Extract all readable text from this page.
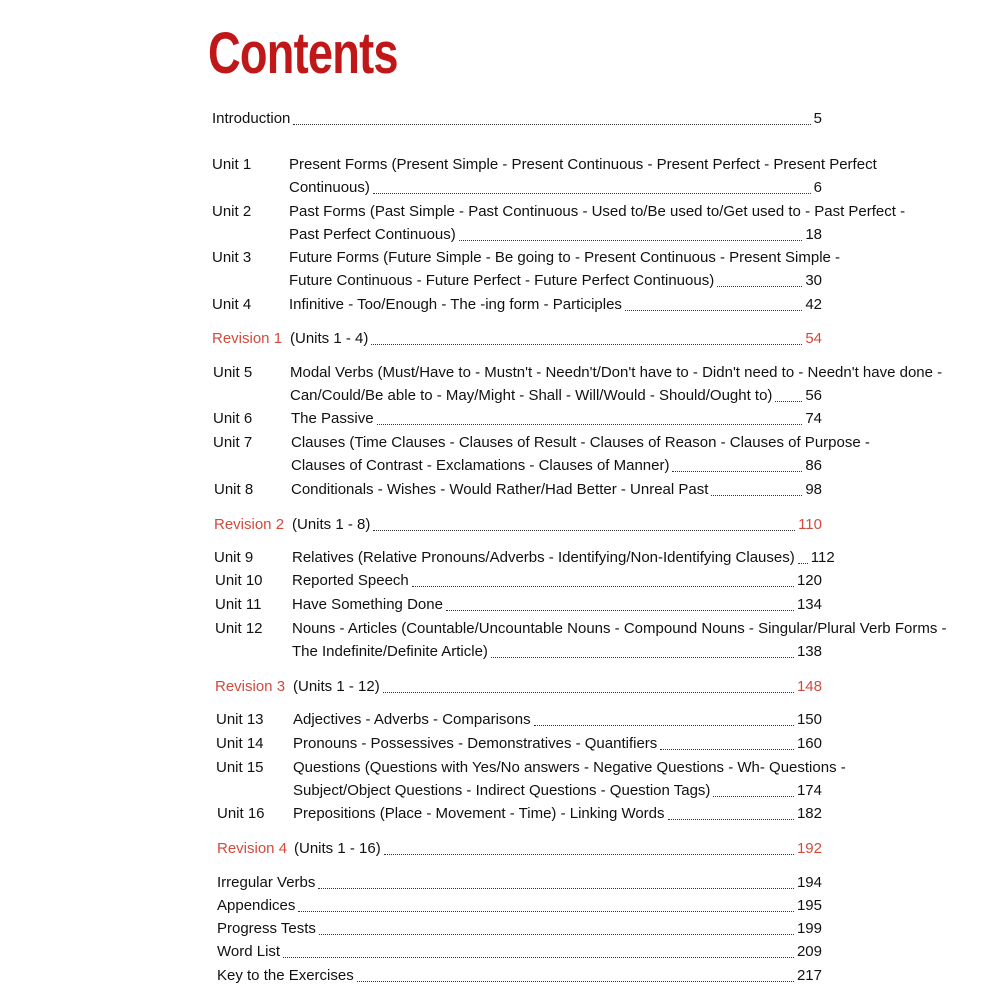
Contents
Introduction	5
Unit 1	Present Forms (Present Simple - Present Continuous - Present Perfect - Present Perfect
Continuous)	6
Unit 2	Past Forms (Past Simple - Past Continuous - Used to/Be used to/Get used to - Past Perfect -
Past Perfect Continuous)	18
Unit 3	Future Forms (Future Simple - Be going to - Present Continuous - Present Simple -
Future Continuous - Future Perfect - Future Perfect Continuous)	30
Unit 4	Infinitive - Too/Enough - The -ing form - Participles	42
Revision 1 (Units 1 - 4)	54
Unit 5	Modal Verbs (Must/Have to - Mustn't - Needn't/Don't have to - Didn't need to - Needn't have done -
Can/Could/Be able to - May/Might - Shall - Will/Would - Should/Ought to) 56
Unit 6	The Passive	74
Unit 7	Clauses (Time Clauses - Clauses of Result - Clauses of Reason - Clauses of Purpose -
Clauses of Contrast - Exclamations - Clauses of Manner)	86
Unit 8	Conditionals - Wishes - Would Rather/Had Better - Unreal Past	98
Revision 2 (Units 1 - 8)	110
Unit 9	Relatives (Relative Pronouns/Adverbs - Identifying/Non-Identifying Clauses) 112
Unit 10 Reported Speech	120
Unit 11 Have Something Done	134
Unit 12 Nouns - Articles (Countable/Uncountable Nouns - Compound Nouns - Singular/Plural Verb Forms -
The Indefinite/Definite Article)	138
Revision 3 (Units 1 - 12)	148
Unit 13 Adjectives - Adverbs - Comparisons	150
Unit 14 Pronouns - Possessives - Demonstratives - Quantifiers	160
Unit 15 Questions (Questions with Yes/No answers - Negative Questions - Wh- Questions -
Subject/Object Questions - Indirect Questions - Question Tags)	174
Unit 16 Prepositions (Place - Movement - Time) - Linking Words	182
Revision 4 (Units 1 - 16)	192
Irregular Verbs	194
Appendices	195
Progress Tests	199
Word List	209
Key to the Exercises	217
